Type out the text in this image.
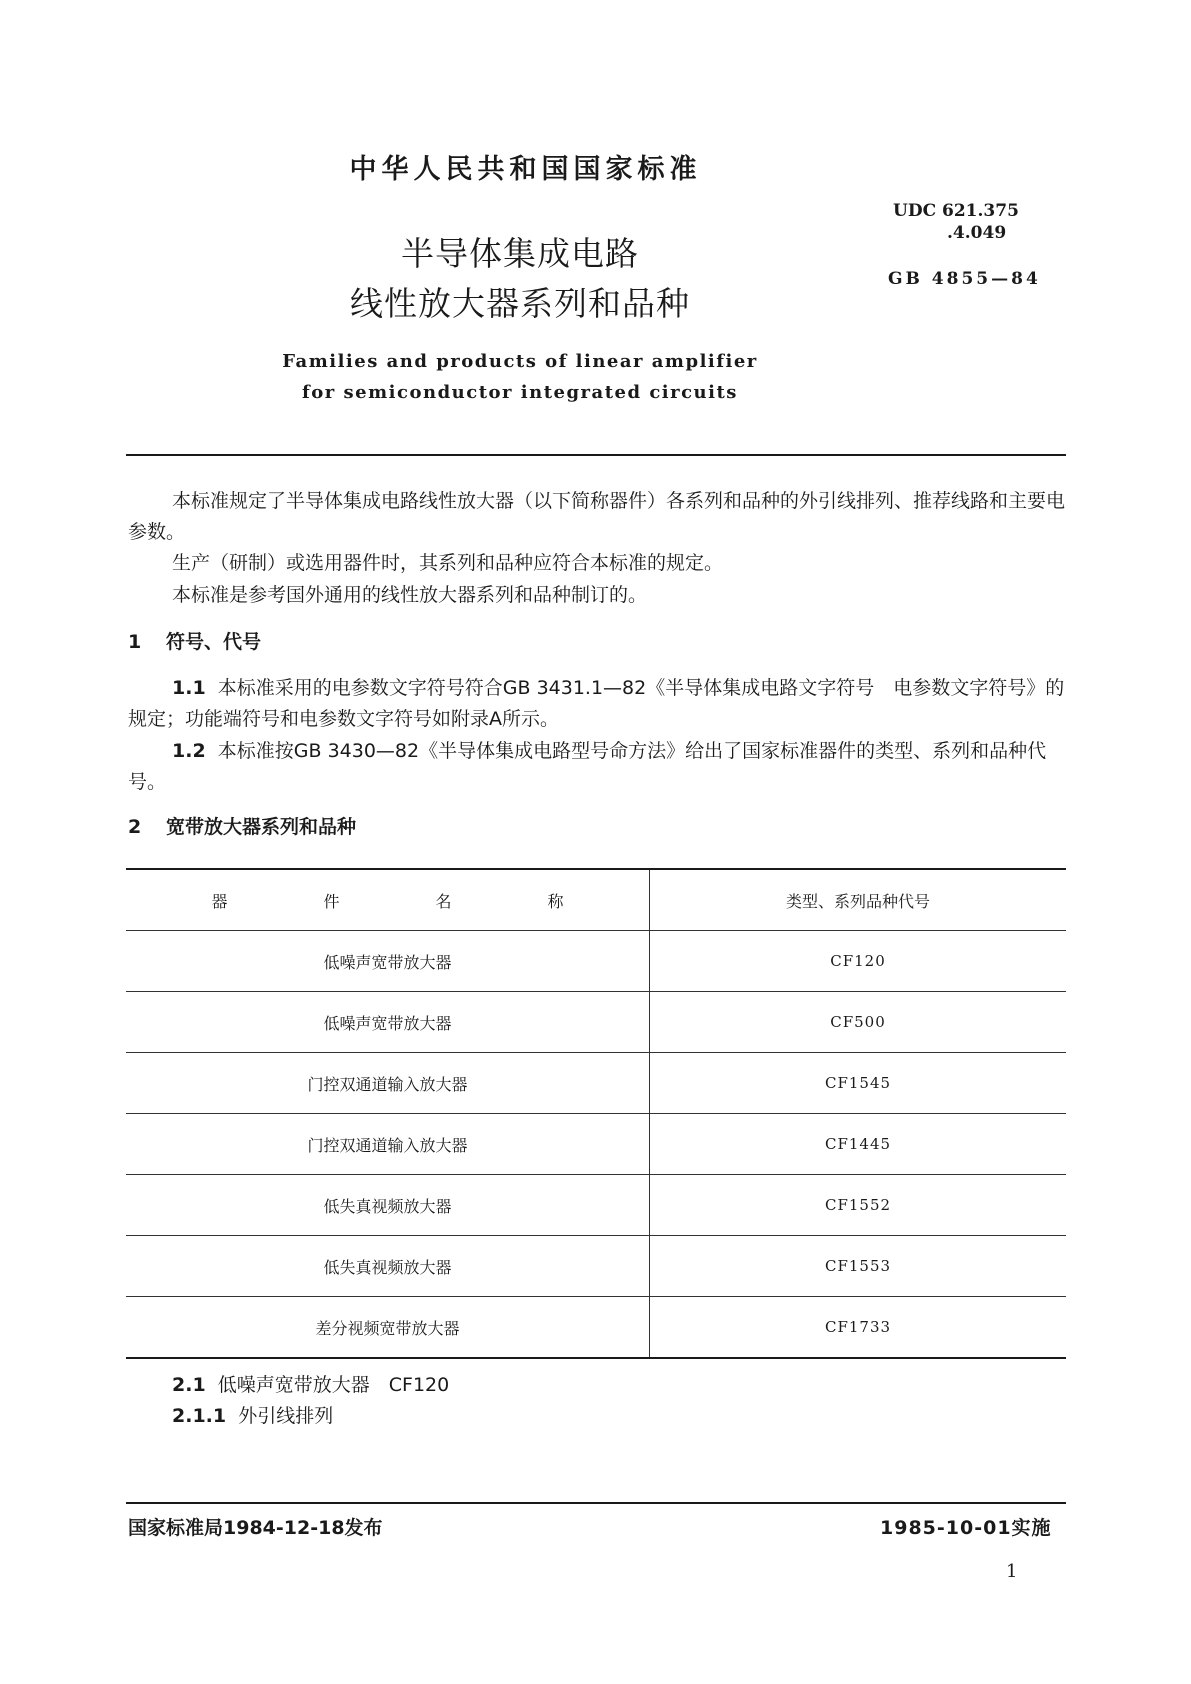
中华人民共和国国家标准
UDC 621.375
.4.049
GB 4855—84
半导体集成电路
线性放大器系列和品种
Families and products of linear amplifier
for semiconductor integrated circuits
本标准规定了半导体集成电路线性放大器（以下简称器件）各系列和品种的外引线排列、推荐线路和主要电参数。
生产（研制）或选用器件时，其系列和品种应符合本标准的规定。
本标准是参考国外通用的线性放大器系列和品种制订的。
1 符号、代号
1.1 本标准采用的电参数文字符号符合GB 3431.1—82《半导体集成电路文字符号　电参数文字符号》的规定；功能端符号和电参数文字符号如附录A所示。
1.2 本标准按GB 3430—82《半导体集成电路型号命方法》给出了国家标准器件的类型、系列和品种代号。
2 宽带放大器系列和品种
器 件 名 称	类型、系列品种代号
低噪声宽带放大器	CF120
低噪声宽带放大器	CF500
门控双通道输入放大器	CF1545
门控双通道输入放大器	CF1445
低失真视频放大器	CF1552
低失真视频放大器	CF1553
差分视频宽带放大器	CF1733
2.1 低噪声宽带放大器　CF120
2.1.1 外引线排列
国家标准局1984-12-18发布	1985-10-01实施
1
